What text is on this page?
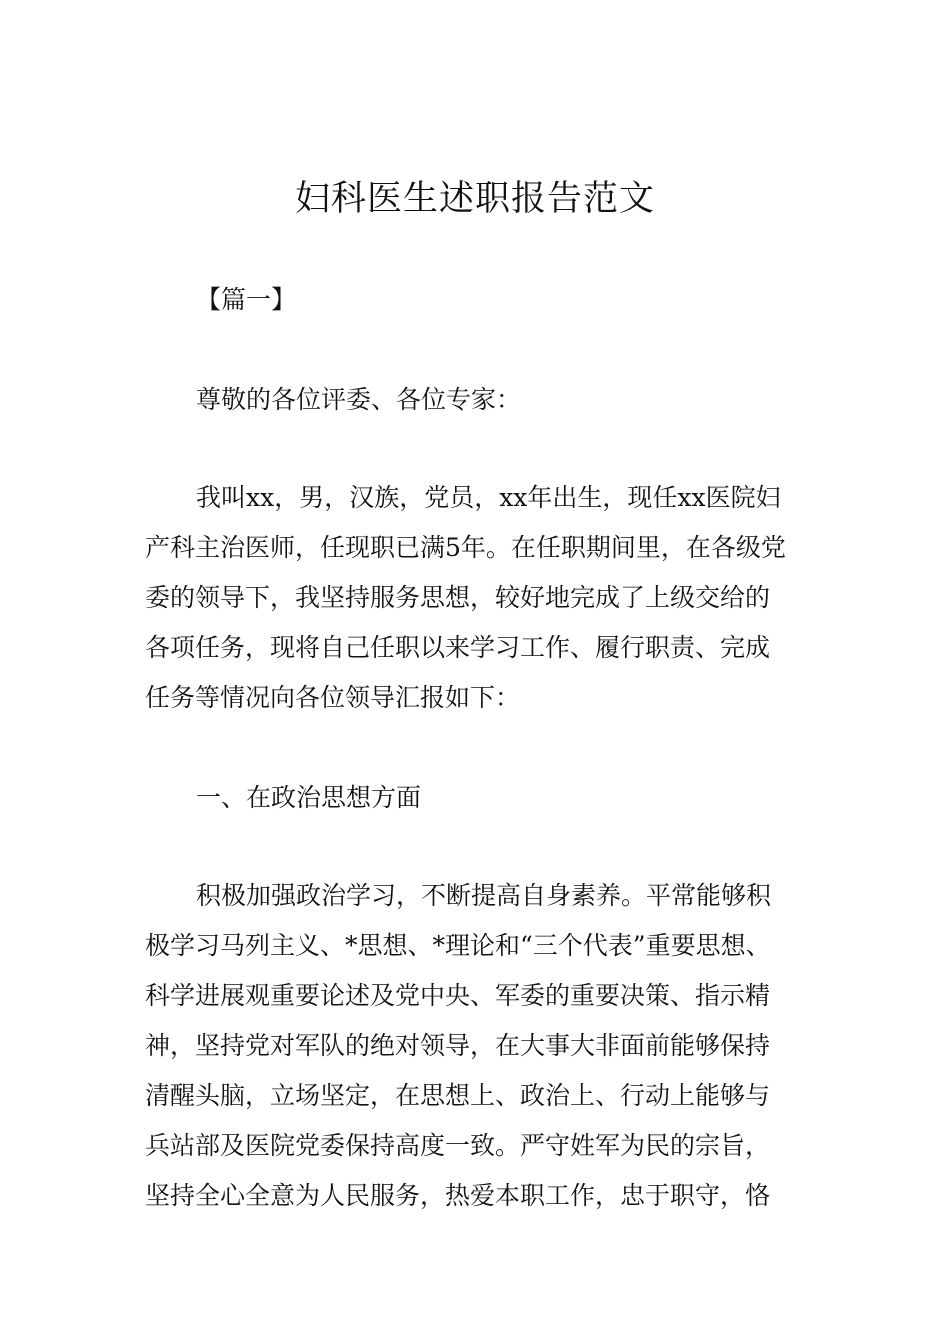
妇科医生述职报告范文

【篇一】

尊敬的各位评委、各位专家：

我叫xx，男，汉族，党员，xx年出生，现任xx医院妇

产科主治医师，任现职已满5年。在任职期间里，在各级党

委的领导下，我坚持服务思想，较好地完成了上级交给的

各项任务，现将自己任职以来学习工作、履行职责、完成

任务等情况向各位领导汇报如下：

一、在政治思想方面

积极加强政治学习，不断提高自身素养。平常能够积

极学习马列主义、*思想、*理论和“三个代表”重要思想、

科学进展观重要论述及党中央、军委的重要决策、指示精

神，坚持党对军队的绝对领导，在大事大非面前能够保持

清醒头脑，立场坚定，在思想上、政治上、行动上能够与

兵站部及医院党委保持高度一致。严守姓军为民的宗旨，

坚持全心全意为人民服务，热爱本职工作，忠于职守，恪
